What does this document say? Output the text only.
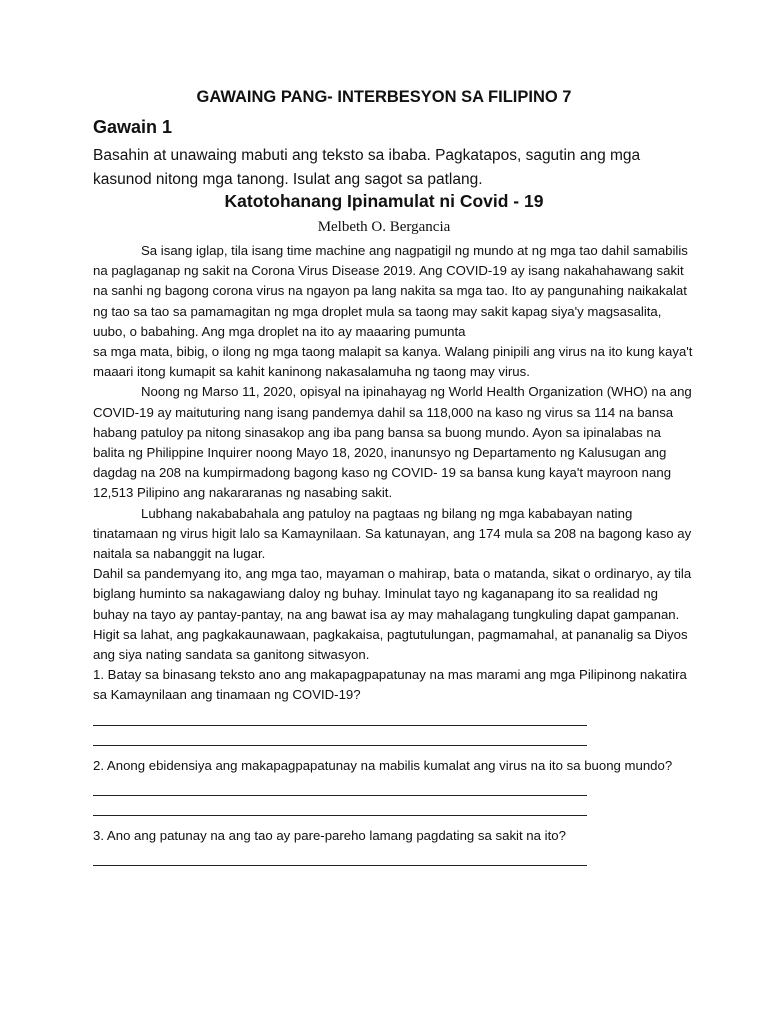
GAWAING PANG- INTERBESYON SA FILIPINO 7
Gawain 1
Basahin at unawaing mabuti ang teksto sa ibaba. Pagkatapos, sagutin ang mga kasunod nitong mga tanong. Isulat ang sagot sa patlang.
Katotohanang Ipinamulat ni Covid - 19
Melbeth O. Bergancia

Sa isang iglap, tila isang time machine ang nagpatigil ng mundo at ng mga tao dahil samabilis na paglaganap ng sakit na Corona Virus Disease 2019. Ang COVID-19 ay isang nakahahawang sakit na sanhi ng bagong corona virus na ngayon pa lang nakita sa mga tao. Ito ay pangunahing naikakalat ng tao sa tao sa pamamagitan ng mga droplet mula sa taong may sakit kapag siya'y magsasalita, uubo, o babahing. Ang mga droplet na ito ay maaaring pumunta

sa mga mata, bibig, o ilong ng mga taong malapit sa kanya. Walang pinipili ang virus na ito kung kaya't maaari itong kumapit sa kahit kaninong nakasalamuha ng taong may virus.

Noong ng Marso 11, 2020, opisyal na ipinahayag ng World Health Organization (WHO) na ang COVID-19 ay maituturing nang isang pandemya dahil sa 118,000 na kaso ng virus sa 114 na bansa habang patuloy pa nitong sinasakop ang iba pang bansa sa buong mundo. Ayon sa ipinalabas na balita ng Philippine Inquirer noong Mayo 18, 2020, inanunsyo ng Departamento ng Kalusugan ang dagdag na 208 na kumpirmadong bagong kaso ng COVID- 19 sa bansa kung kaya't mayroon nang 12,513 Pilipino ang nakararanas ng nasabing sakit.

Lubhang nakababahala ang patuloy na pagtaas ng bilang ng mga kababayan nating tinatamaan ng virus higit lalo sa Kamaynilaan. Sa katunayan, ang 174 mula sa 208 na bagong kaso ay naitala sa nabanggit na lugar.

Dahil sa pandemyang ito, ang mga tao, mayaman o mahirap, bata o matanda, sikat o ordinaryo, ay tila biglang huminto sa nakagawiang daloy ng buhay. Iminulat tayo ng kaganapang ito sa realidad ng buhay na tayo ay pantay-pantay, na ang bawat isa ay may mahalagang tungkuling dapat gampanan. Higit sa lahat, ang pagkakaunawaan, pagkakaisa, pagtutulungan, pagmamahal, at pananalig sa Diyos ang siya nating sandata sa ganitong sitwasyon.

1. Batay sa binasang teksto ano ang makapagpapatunay na mas marami ang mga Pilipinong nakatira sa Kamaynilaan ang tinamaan ng COVID-19?

2. Anong ebidensiya ang makapagpapatunay na mabilis kumalat ang virus na ito sa buong mundo?

3. Ano ang patunay na ang tao ay pare-pareho lamang pagdating sa sakit na ito?
